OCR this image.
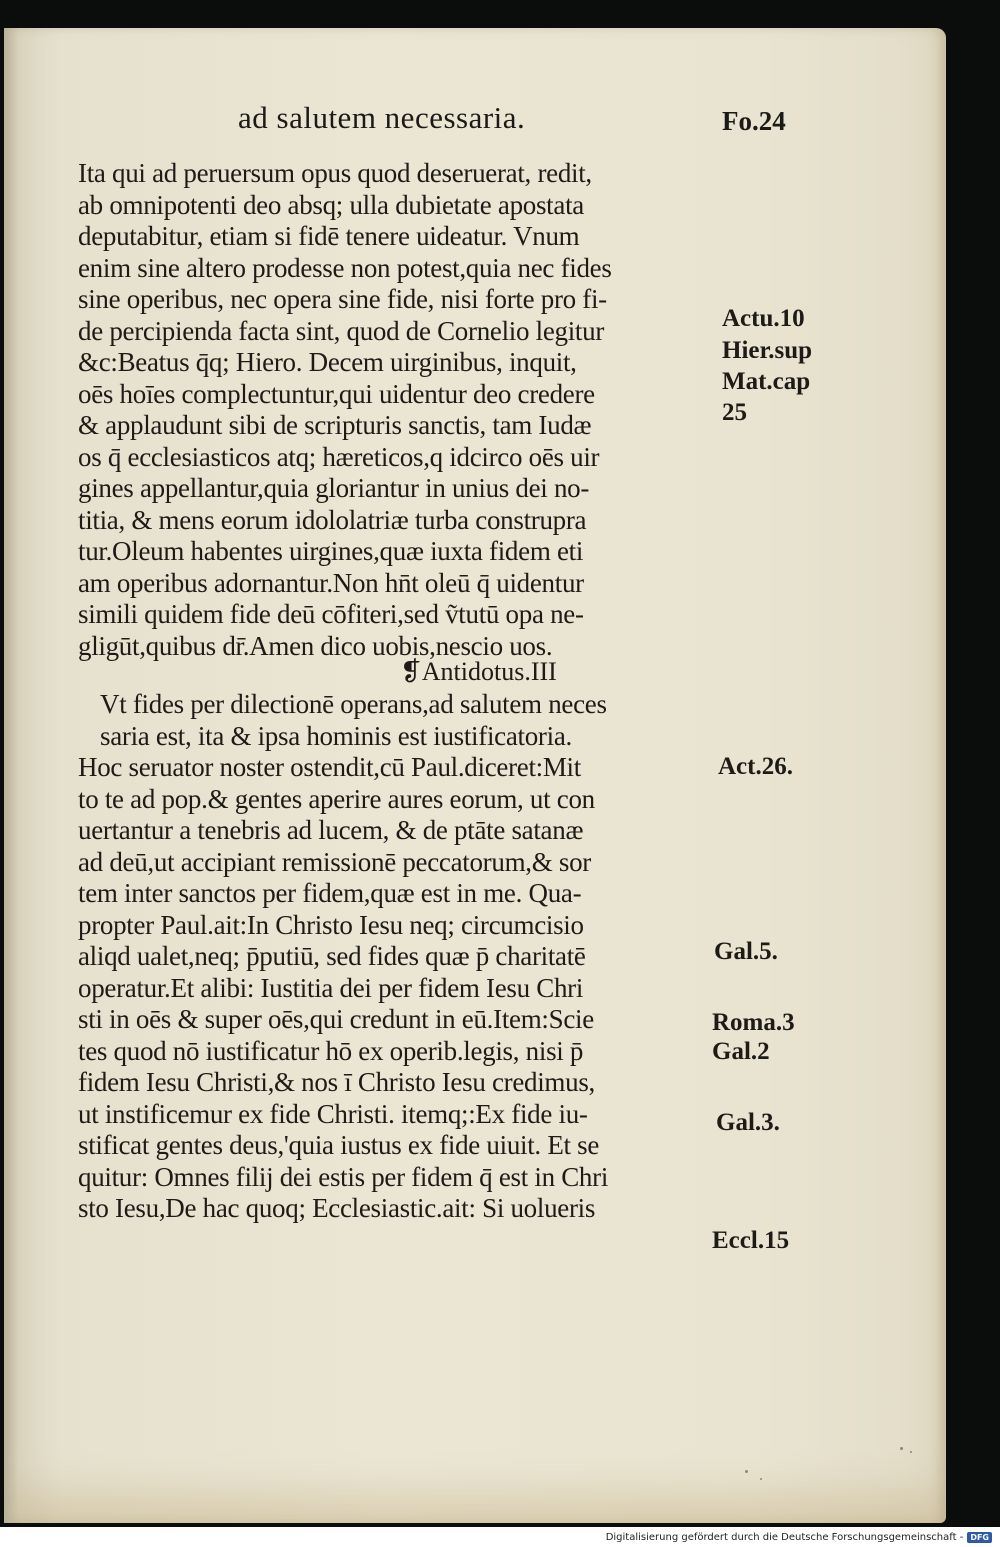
ad salutem necessaria.	Fo.24
Ita qui ad peruersum opus quod deseruerat, redit,
ab omnipotenti deo absq; ulla dubietate apostata
deputabitur, etiam si fidē tenere uideatur. Vnum
enim sine altero prodesse non potest,quia nec fides
sine operibus, nec opera sine fide, nisi forte pro fi-
de percipienda facta sint, quod de Cornelio legitur
&c:Beatus q̄q; Hiero. Decem uirginibus, inquit,
oēs hoīes complectuntur,qui uidentur deo credere
& applaudunt sibi de scripturis sanctis, tam Iudæ
os q̄ ecclesiasticos atq; hæreticos,q idcirco oēs uir
gines appellantur,quia gloriantur in unius dei no-
titia, & mens eorum idololatriæ turba construpra
tur.Oleum habentes uirgines,quæ iuxta fidem eti
am operibus adornantur.Non hn̄t oleū q̄ uidentur
simili quidem fide deū cōfiteri,sed ṽtutū opa ne-
gligūt,quibus dr̄.Amen dico uobis,nescio uos.
❡Antidotus.III
Vt fides per dilectionē operans,ad salutem neces
saria est, ita & ipsa hominis est iustificatoria.
Hoc seruator noster ostendit,cū Paul.diceret:Mit
to te ad pop.& gentes aperire aures eorum, ut con
uertantur a tenebris ad lucem, & de ptāte satanæ
ad deū,ut accipiant remissionē peccatorum,& sor
tem inter sanctos per fidem,quæ est in me. Qua-
propter Paul.ait:In Christo Iesu neq; circumcisio
aliqd ualet,neq; p̄putiū, sed fides quæ p̄ charitatē
operatur.Et alibi: Iustitia dei per fidem Iesu Chri
sti in oēs & super oēs,qui credunt in eū.Item:Scie
tes quod nō iustificatur hō ex operib.legis, nisi p̄
fidem Iesu Christi,& nos ī Christo Iesu credimus,
ut instificemur ex fide Christi. itemq;:Ex fide iu-
stificat gentes deus,'quia iustus ex fide uiuit. Et se
quitur: Omnes filij dei estis per fidem q̄ est in Chri
sto Iesu,De hac quoq; Ecclesiastic.ait: Si uolueris
Actu.10
Hier.sup
Mat.cap
25
Act.26.
Gal.5.
Roma.3
Gal.2
Gal.3.
Eccl.15
Digitalisierung gefördert durch die Deutsche Forschungsgemeinschaft - DFG
